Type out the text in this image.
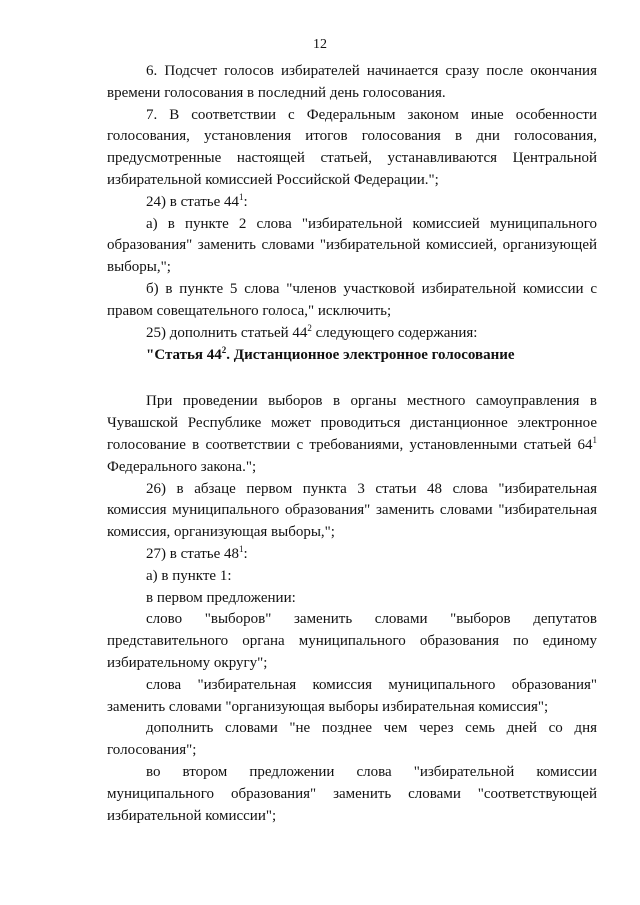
12

6. Подсчет голосов избирателей начинается сразу после окончания времени голосования в последний день голосования.

7. В соответствии с Федеральным законом иные особенности голосования, установления итогов голосования в дни голосования, предусмотренные настоящей статьей, устанавливаются Центральной избирательной комиссией Российской Федерации.";

24) в статье $44^1$:

а) в пункте 2 слова "избирательной комиссией муниципального образования" заменить словами "избирательной комиссией, организующей выборы,";

б) в пункте 5 слова "членов участковой избирательной комиссии с правом совещательного голоса," исключить;

25) дополнить статьей $44^2$ следующего содержания:

"Статья $44^2$. Дистанционное электронное голосование

При проведении выборов в органы местного самоуправления в Чувашской Республике может проводиться дистанционное электронное голосование в соответствии с требованиями, установленными статьей $64^1$ Федерального закона.";

26) в абзаце первом пункта 3 статьи 48 слова "избирательная комиссия муниципального образования" заменить словами "избирательная комиссия, организующая выборы,";

27) в статье $48^1$:

а) в пункте 1:

в первом предложении:

слово "выборов" заменить словами "выборов депутатов представительного органа муниципального образования по единому избирательному округу";

слова "избирательная комиссия муниципального образования" заменить словами "организующая выборы избирательная комиссия";

дополнить словами "не позднее чем через семь дней со дня голосования";

во втором предложении слова "избирательной комиссии муниципального образования" заменить словами "соответствующей избирательной комиссии";
